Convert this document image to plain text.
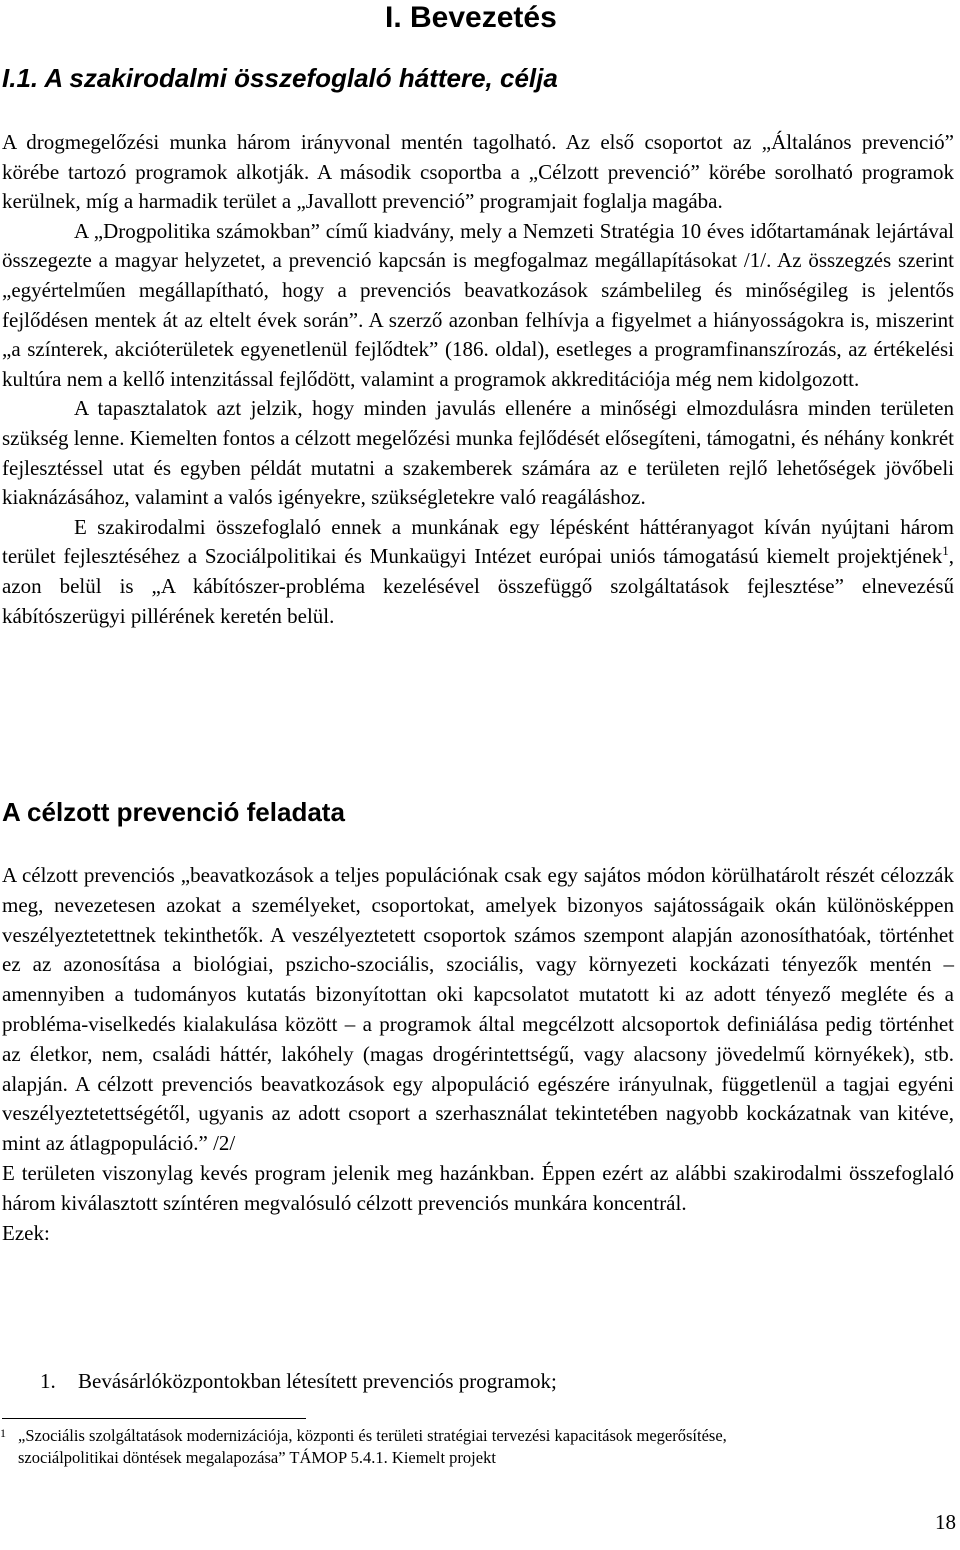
I. Bevezetés
I.1. A szakirodalmi összefoglaló háttere, célja

A drogmegelőzési munka három irányvonal mentén tagolható. Az első csoportot az „Általános prevenció” körébe tartozó programok alkotják. A második csoportba a „Célzott prevenció” körébe sorolható programok kerülnek, míg a harmadik terület a „Javallott prevenció” programjait foglalja magába.

A „Drogpolitika számokban” című kiadvány, mely a Nemzeti Stratégia 10 éves időtartamának lejártával összegezte a magyar helyzetet, a prevenció kapcsán is megfogalmaz megállapításokat /1/. Az összegzés szerint „egyértelműen megállapítható, hogy a prevenciós beavatkozások számbelileg és minőségileg is jelentős fejlődésen mentek át az eltelt évek során”. A szerző azonban felhívja a figyelmet a hiányosságokra is, miszerint „a színterek, akcióterületek egyenetlenül fejlődtek” (186. oldal), esetleges a programfinanszírozás, az értékelési kultúra nem a kellő intenzitással fejlődött, valamint a programok akkreditációja még nem kidolgozott.

A tapasztalatok azt jelzik, hogy minden javulás ellenére a minőségi elmozdulásra minden területen szükség lenne. Kiemelten fontos a célzott megelőzési munka fejlődését elősegíteni, támogatni, és néhány konkrét fejlesztéssel utat és egyben példát mutatni a szakemberek számára az e területen rejlő lehetőségek jövőbeli kiaknázásához, valamint a valós igényekre, szükségletekre való reagáláshoz.

E szakirodalmi összefoglaló ennek a munkának egy lépésként háttéranyagot kíván nyújtani három terület fejlesztéséhez a Szociálpolitikai és Munkaügyi Intézet európai uniós támogatású kiemelt projektjének$^1$, azon belül is „A kábítószer-probléma kezelésével összefüggő szolgáltatások fejlesztése” elnevezésű kábítószerügyi pillérének keretén belül.

A célzott prevenció feladata

A célzott prevenciós „beavatkozások a teljes populációnak csak egy sajátos módon körülhatárolt részét célozzák meg, nevezetesen azokat a személyeket, csoportokat, amelyek bizonyos sajátosságaik okán különösképpen veszélyeztetettnek tekinthetők. A veszélyeztetett csoportok számos szempont alapján azonosíthatóak, történhet ez az azonosítása a biológiai, pszicho-szociális, szociális, vagy környezeti kockázati tényezők mentén – amennyiben a tudományos kutatás bizonyítottan oki kapcsolatot mutatott ki az adott tényező megléte és a probléma-viselkedés kialakulása között – a programok által megcélzott alcsoportok definiálása pedig történhet az életkor, nem, családi háttér, lakóhely (magas drogérintettségű, vagy alacsony jövedelmű környékek), stb. alapján. A célzott prevenciós beavatkozások egy alpopuláció egészére irányulnak, függetlenül a tagjai egyéni veszélyeztetettségétől, ugyanis az adott csoport a szerhasználat tekintetében nagyobb kockázatnak van kitéve, mint az átlagpopuláció.” /2/

E területen viszonylag kevés program jelenik meg hazánkban. Éppen ezért az alábbi szakirodalmi összefoglaló három kiválasztott színtéren megvalósuló célzott prevenciós munkára koncentrál.

Ezek:

1. Bevásárlóközpontokban létesített prevenciós programok;

1 „Szociális szolgáltatások modernizációja, központi és területi stratégiai tervezési kapacitások megerősítése,
szociálpolitikai döntések megalapozása” TÁMOP 5.4.1. Kiemelt projekt

18
